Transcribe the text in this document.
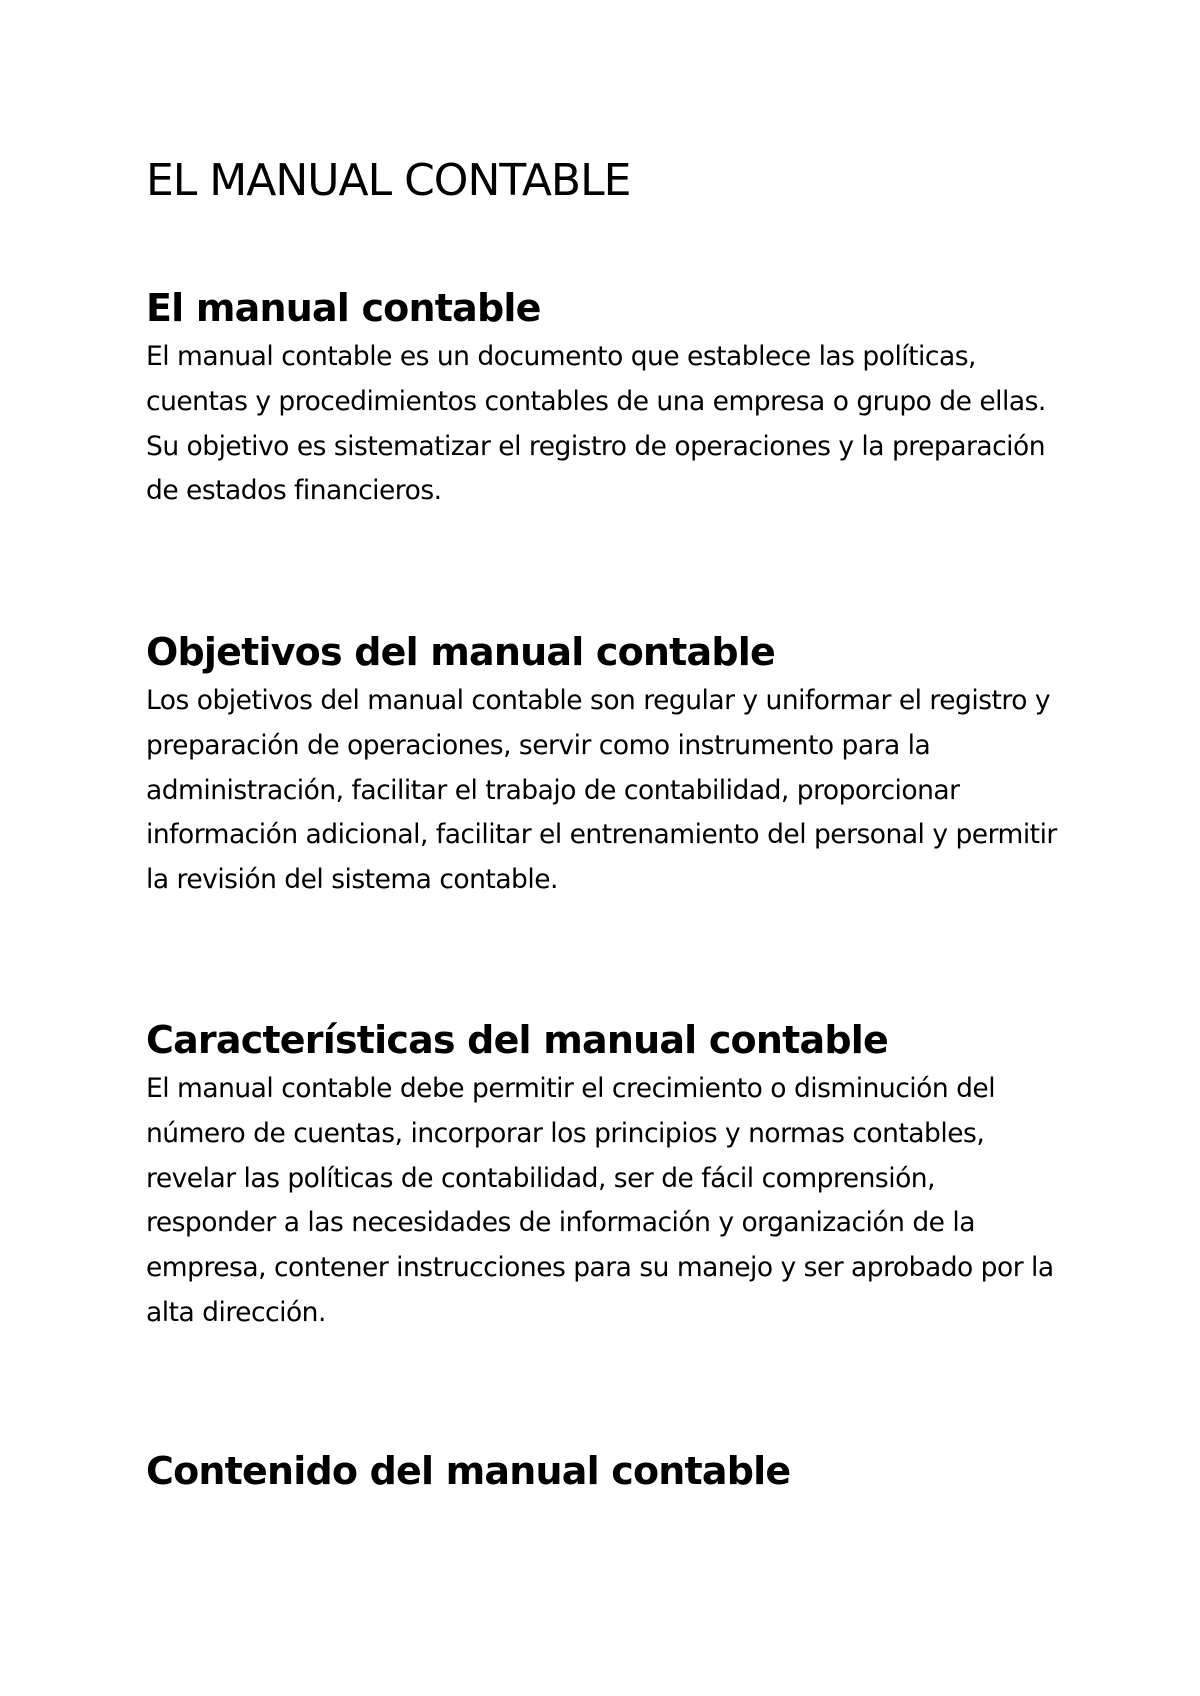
EL MANUAL CONTABLE
El manual contable

El manual contable es un documento que establece las políticas, cuentas y procedimientos contables de una empresa o grupo de ellas. Su objetivo es sistematizar el registro de operaciones y la preparación de estados financieros.

Objetivos del manual contable

Los objetivos del manual contable son regular y uniformar el registro y preparación de operaciones, servir como instrumento para la administración, facilitar el trabajo de contabilidad, proporcionar información adicional, facilitar el entrenamiento del personal y permitir la revisión del sistema contable.

Características del manual contable

El manual contable debe permitir el crecimiento o disminución del número de cuentas, incorporar los principios y normas contables, revelar las políticas de contabilidad, ser de fácil comprensión, responder a las necesidades de información y organización de la empresa, contener instrucciones para su manejo y ser aprobado por la alta dirección.

Contenido del manual contable
